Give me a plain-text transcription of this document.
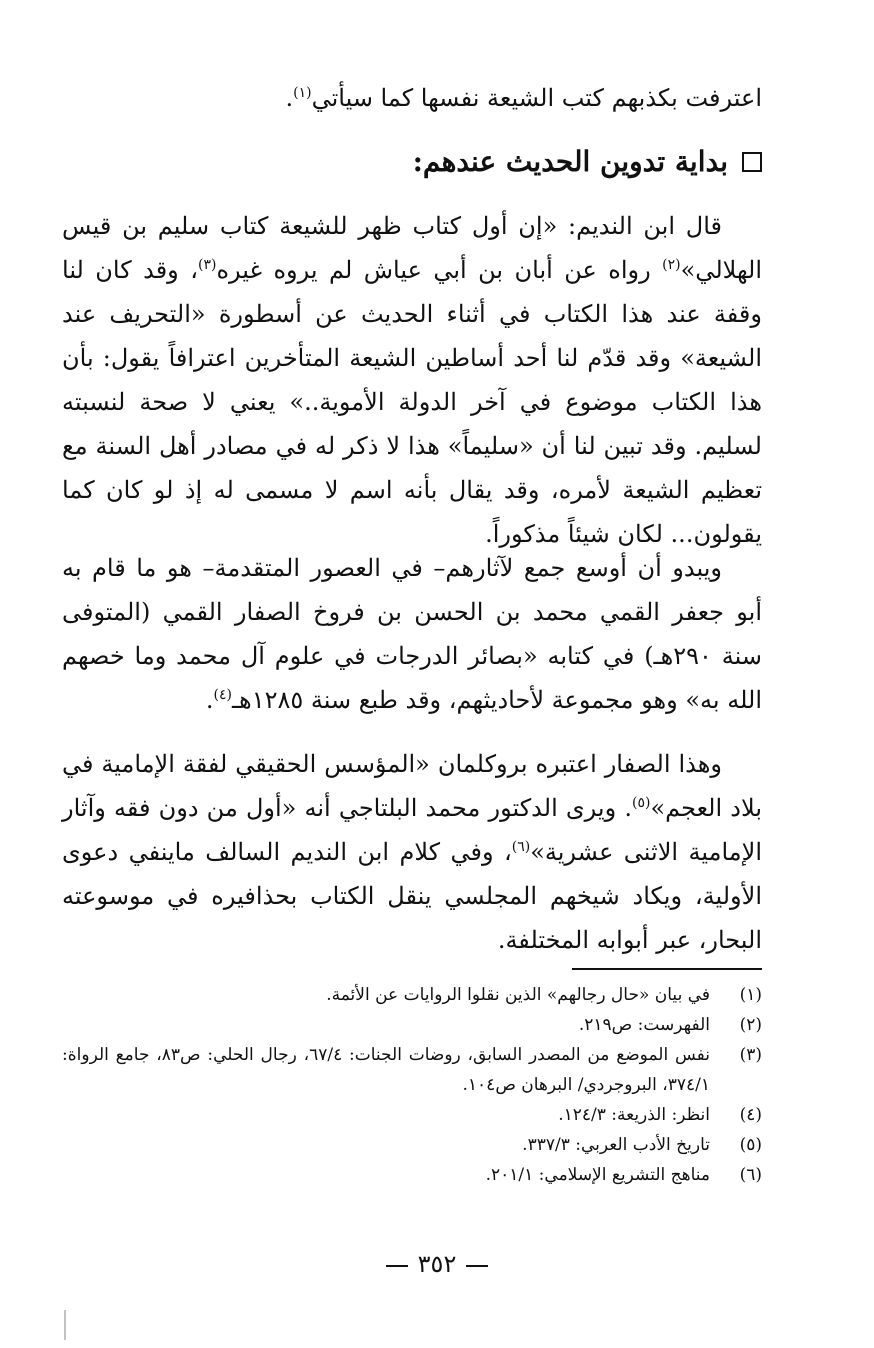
اعترفت بكذبهم كتب الشيعة نفسها كما سيأتي$^{(١)}$.

بداية تدوين الحديث عندهم:

قال ابن النديم: «إن أول كتاب ظهر للشيعة كتاب سليم بن قيس الهلالي»$^{(٢)}$ رواه عن أبان بن أبي عياش لم يروه غيره$^{(٣)}$، وقد كان لنا وقفة عند هذا الكتاب في أثناء الحديث عن أسطورة «التحريف عند الشيعة» وقد قدّم لنا أحد أساطين الشيعة المتأخرين اعترافاً يقول: بأن هذا الكتاب موضوع في آخر الدولة الأموية..» يعني لا صحة لنسبته لسليم. وقد تبين لنا أن «سليماً» هذا لا ذكر له في مصادر أهل السنة مع تعظيم الشيعة لأمره، وقد يقال بأنه اسم لا مسمى له إذ لو كان كما يقولون... لكان شيئاً مذكوراً.

ويبدو أن أوسع جمع لآثارهم– في العصور المتقدمة– هو ما قام به أبو جعفر القمي محمد بن الحسن بن فروخ الصفار القمي (المتوفى سنة ٢٩٠هـ) في كتابه «بصائر الدرجات في علوم آل محمد وما خصهم الله به» وهو مجموعة لأحاديثهم، وقد طبع سنة ١٢٨٥هـ$^{(٤)}$.

وهذا الصفار اعتبره بروكلمان «المؤسس الحقيقي لفقة الإمامية في بلاد العجم»$^{(٥)}$. ويرى الدكتور محمد البلتاجي أنه «أول من دون فقه وآثار الإمامية الاثنى عشرية»$^{(٦)}$، وفي كلام ابن النديم السالف ماينفي دعوى الأولية، ويكاد شيخهم المجلسي ينقل الكتاب بحذافيره في موسوعته البحار، عبر أبوابه المختلفة.

(١)
في بيان «حال رجالهم» الذين نقلوا الروايات عن الأئمة.
(٢)
الفهرست: ص٢١٩.
(٣)
نفس الموضع من المصدر السابق، روضات الجنات: ٦٧/٤، رجال الحلي: ص٨٣، جامع الرواة: ٣٧٤/١، البروجردي/ البرهان ص١٠٤.
(٤)
انظر: الذريعة: ١٢٤/٣.
(٥)
تاريخ الأدب العربي: ٣٣٧/٣.
(٦)
مناهج التشريع الإسلامي: ٢٠١/١.
٣٥٢
